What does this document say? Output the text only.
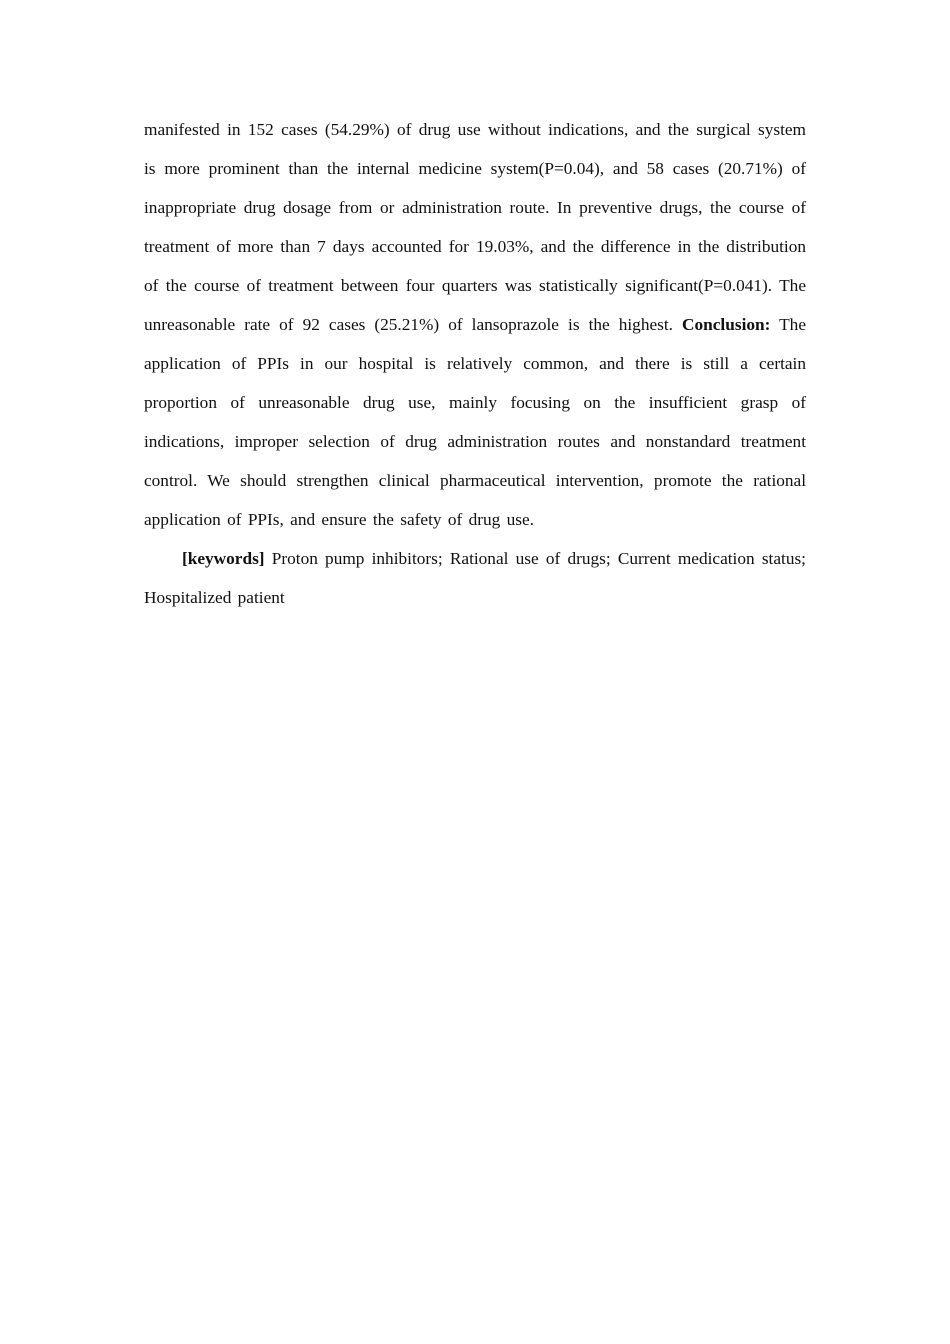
manifested in 152 cases (54.29%) of drug use without indications, and the surgical system is more prominent than the internal medicine system(P=0.04), and 58 cases (20.71%) of inappropriate drug dosage from or administration route. In preventive drugs, the course of treatment of more than 7 days accounted for 19.03%, and the difference in the distribution of the course of treatment between four quarters was statistically significant(P=0.041). The unreasonable rate of 92 cases (25.21%) of lansoprazole is the highest. Conclusion: The application of PPIs in our hospital is relatively common, and there is still a certain proportion of unreasonable drug use, mainly focusing on the insufficient grasp of indications, improper selection of drug administration routes and nonstandard treatment control. We should strengthen clinical pharmaceutical intervention, promote the rational application of PPIs, and ensure the safety of drug use.

[keywords] Proton pump inhibitors; Rational use of drugs; Current medication status; Hospitalized patient
